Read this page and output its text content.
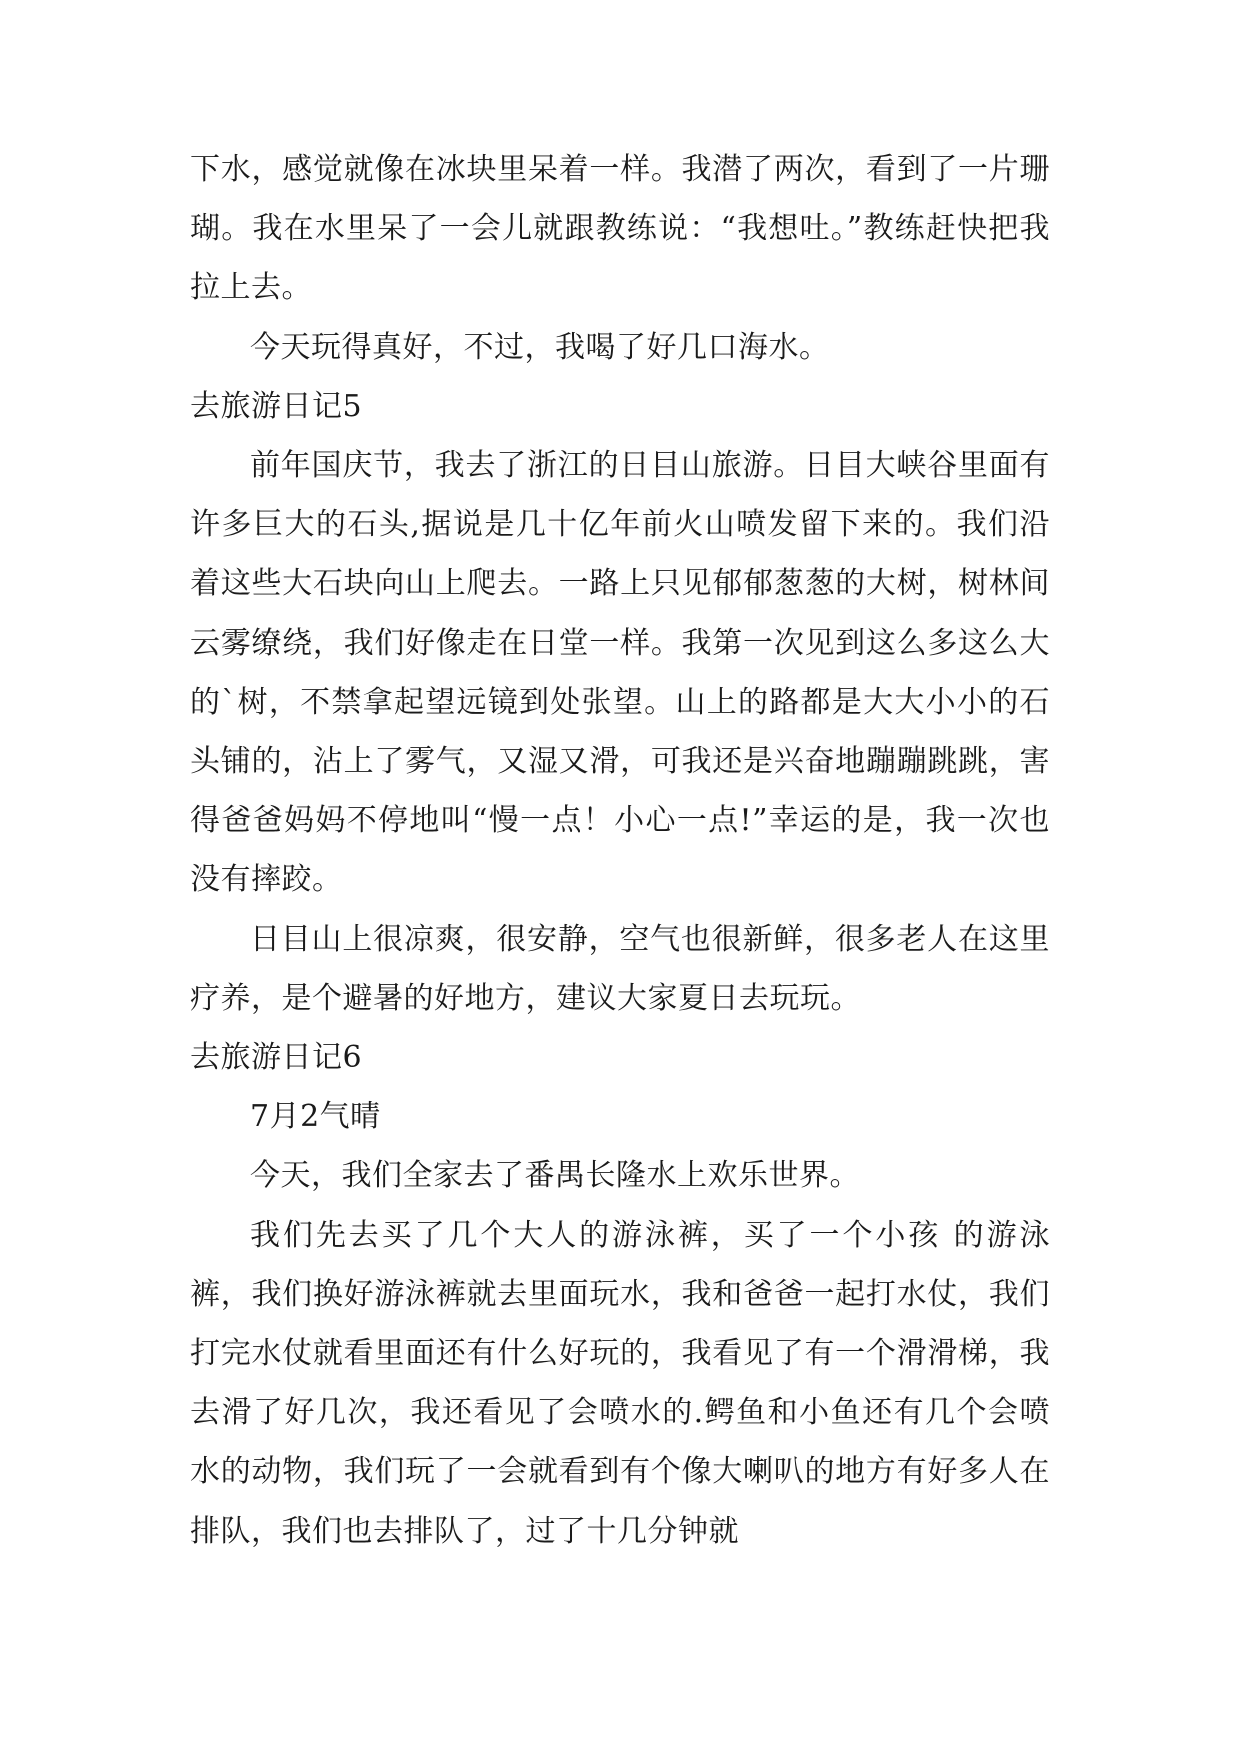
下水，感觉就像在冰块里呆着一样。我潜了两次，看到了一片珊瑚。我在水里呆了一会儿就跟教练说：“我想吐。”教练赶快把我拉上去。

今天玩得真好，不过，我喝了好几口海水。

去旅游日记5

前年国庆节，我去了浙江的日目山旅游。日目大峡谷里面有许多巨大的石头,据说是几十亿年前火山喷发留下来的。我们沿着这些大石块向山上爬去。一路上只见郁郁葱葱的大树，树林间云雾缭绕，我们好像走在日堂一样。我第一次见到这么多这么大的`树，不禁拿起望远镜到处张望。山上的路都是大大小小的石头铺的，沾上了雾气，又湿又滑，可我还是兴奋地蹦蹦跳跳，害得爸爸妈妈不停地叫“慢一点！小心一点!”幸运的是，我一次也没有摔跤。

日目山上很凉爽，很安静，空气也很新鲜，很多老人在这里疗养，是个避暑的好地方，建议大家夏日去玩玩。

去旅游日记6

7月2气晴

今天，我们全家去了番禺长隆水上欢乐世界。

我们先去买了几个大人的游泳裤，买了一个小孩 的游泳裤，我们换好游泳裤就去里面玩水，我和爸爸一起打水仗，我们打完水仗就看里面还有什么好玩的，我看见了有一个滑滑梯，我去滑了好几次，我还看见了会喷水的.鳄鱼和小鱼还有几个会喷水的动物，我们玩了一会就看到有个像大喇叭的地方有好多人在排队，我们也去排队了，过了十几分钟就
